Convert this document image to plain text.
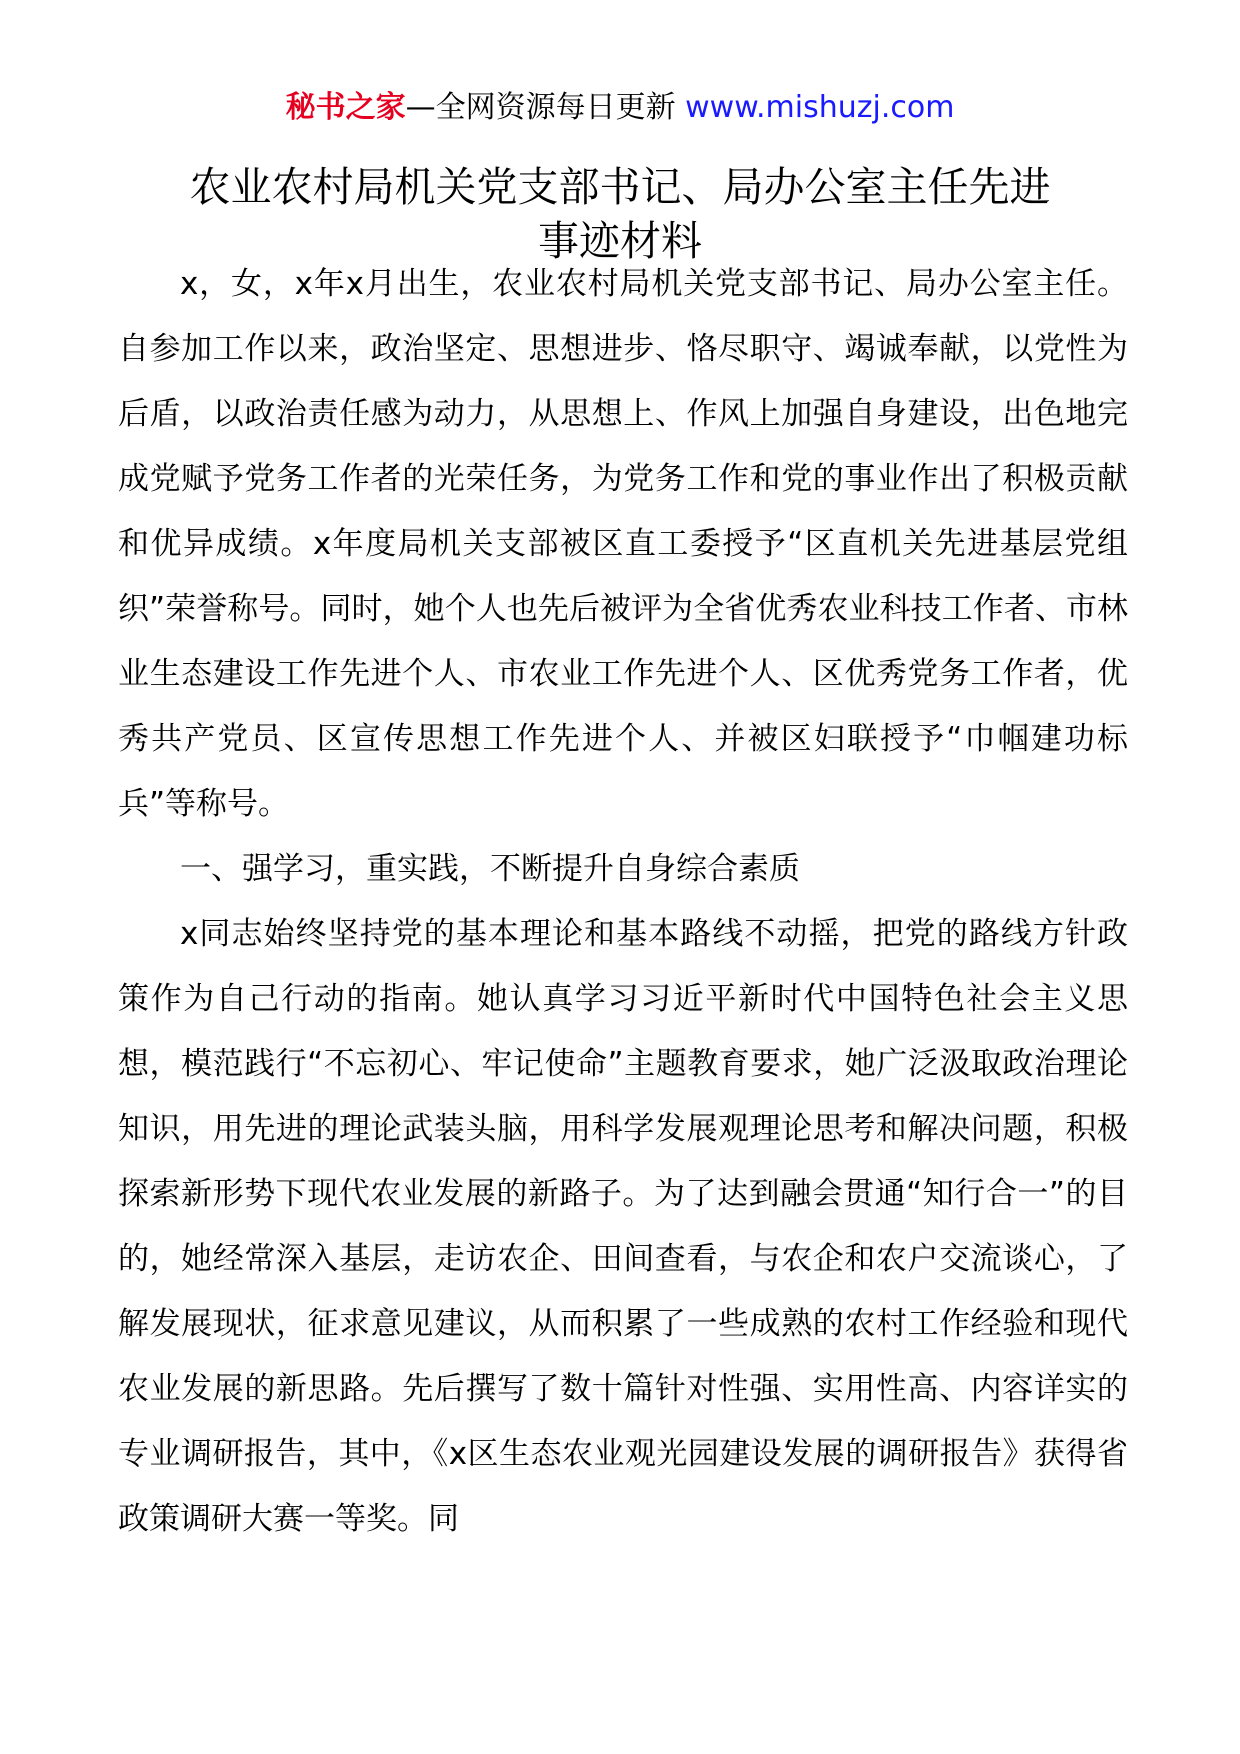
秘书之家—全网资源每日更新 www.mishuzj.com
农业农村局机关党支部书记、局办公室主任先进
事迹材料

x，女，x年x月出生，农业农村局机关党支部书记、局办公室主任。自参加工作以来，政治坚定、思想进步、恪尽职守、竭诚奉献，以党性为后盾，以政治责任感为动力，从思想上、作风上加强自身建设，出色地完成党赋予党务工作者的光荣任务，为党务工作和党的事业作出了积极贡献和优异成绩。x年度局机关支部被区直工委授予“区直机关先进基层党组织”荣誉称号。同时，她个人也先后被评为全省优秀农业科技工作者、市林业生态建设工作先进个人、市农业工作先进个人、区优秀党务工作者，优秀共产党员、区宣传思想工作先进个人、并被区妇联授予“巾帼建功标兵”等称号。

一、强学习，重实践，不断提升自身综合素质

x同志始终坚持党的基本理论和基本路线不动摇，把党的路线方针政策作为自己行动的指南。她认真学习习近平新时代中国特色社会主义思想，模范践行“不忘初心、牢记使命”主题教育要求，她广泛汲取政治理论知识，用先进的理论武装头脑，用科学发展观理论思考和解决问题，积极探索新形势下现代农业发展的新路子。为了达到融会贯通“知行合一”的目的，她经常深入基层，走访农企、田间查看，与农企和农户交流谈心，了解发展现状，征求意见建议，从而积累了一些成熟的农村工作经验和现代农业发展的新思路。先后撰写了数十篇针对性强、实用性高、内容详实的专业调研报告，其中，《x区生态农业观光园建设发展的调研报告》获得省政策调研大赛一等奖。同
